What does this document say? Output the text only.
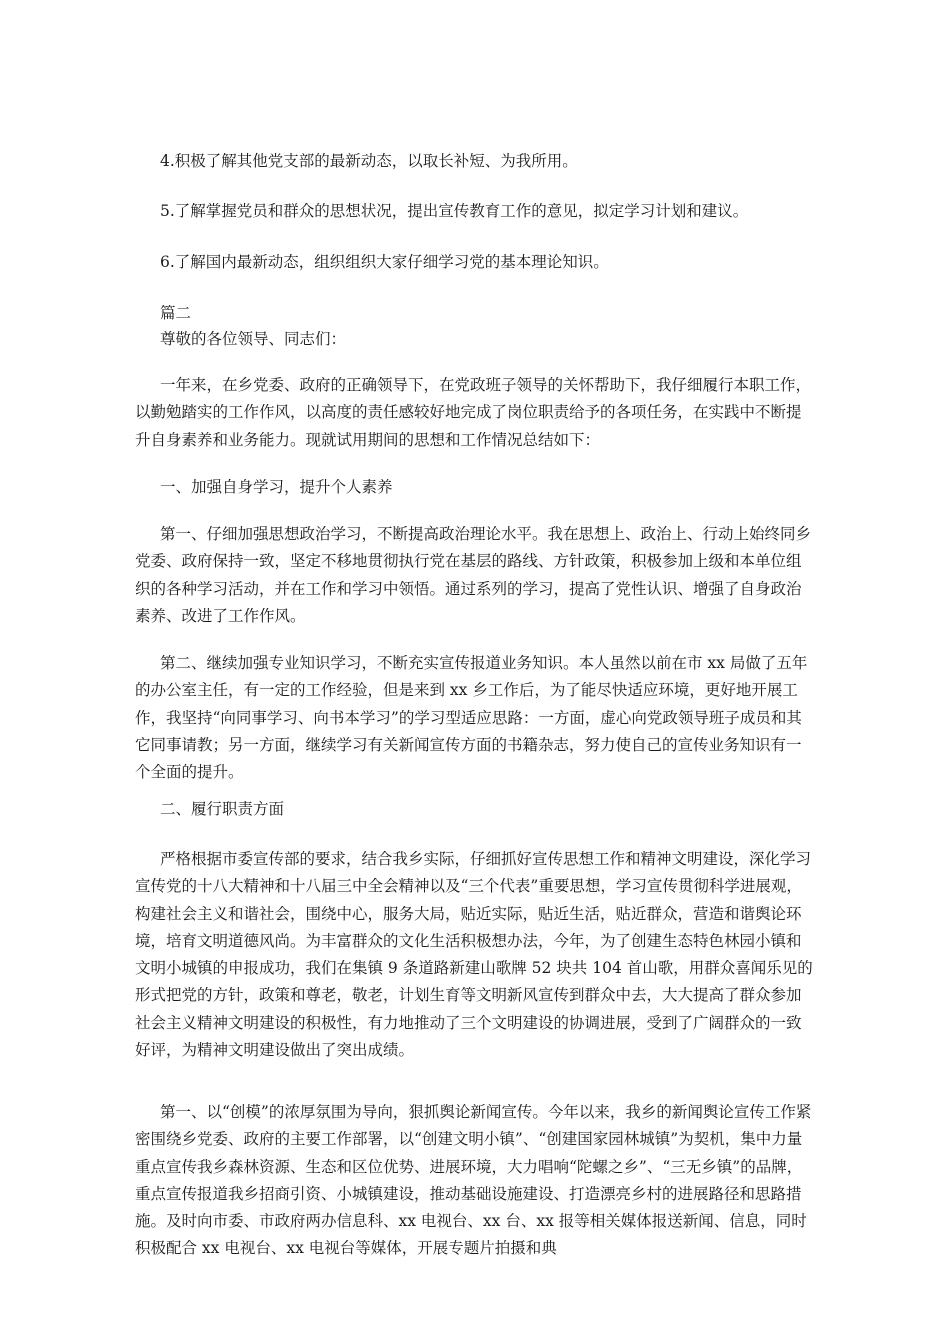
4.积极了解其他党支部的最新动态，以取长补短、为我所用。

5.了解掌握党员和群众的思想状况，提出宣传教育工作的意见，拟定学习计划和建议。

6.了解国内最新动态，组织组织大家仔细学习党的基本理论知识。

篇二

尊敬的各位领导、同志们：

一年来，在乡党委、政府的正确领导下，在党政班子领导的关怀帮助下，我仔细履行本职工作，以勤勉踏实的工作作风，以高度的责任感较好地完成了岗位职责给予的各项任务，在实践中不断提升自身素养和业务能力。现就试用期间的思想和工作情况总结如下：

一、加强自身学习，提升个人素养

第一、仔细加强思想政治学习，不断提高政治理论水平。我在思想上、政治上、行动上始终同乡党委、政府保持一致，坚定不移地贯彻执行党在基层的路线、方针政策，积极参加上级和本单位组织的各种学习活动，并在工作和学习中领悟。通过系列的学习，提高了党性认识、增强了自身政治素养、改进了工作作风。

第二、继续加强专业知识学习，不断充实宣传报道业务知识。本人虽然以前在市 xx 局做了五年的办公室主任，有一定的工作经验，但是来到 xx 乡工作后，为了能尽快适应环境，更好地开展工作，我坚持“向同事学习、向书本学习”的学习型适应思路：一方面，虚心向党政领导班子成员和其它同事请教；另一方面，继续学习有关新闻宣传方面的书籍杂志，努力使自己的宣传业务知识有一个全面的提升。

二、履行职责方面

严格根据市委宣传部的要求，结合我乡实际，仔细抓好宣传思想工作和精神文明建设，深化学习宣传党的十八大精神和十八届三中全会精神以及“三个代表”重要思想，学习宣传贯彻科学进展观，构建社会主义和谐社会，围绕中心，服务大局，贴近实际，贴近生活，贴近群众，营造和谐舆论环境，培育文明道德风尚。为丰富群众的文化生活积极想办法，今年，为了创建生态特色林园小镇和文明小城镇的申报成功，我们在集镇 9 条道路新建山歌牌 52 块共 104 首山歌，用群众喜闻乐见的形式把党的方针，政策和尊老，敬老，计划生育等文明新风宣传到群众中去，大大提高了群众参加社会主义精神文明建设的积极性，有力地推动了三个文明建设的协调进展，受到了广阔群众的一致好评，为精神文明建设做出了突出成绩。

第一、以“创模”的浓厚氛围为导向，狠抓舆论新闻宣传。今年以来，我乡的新闻舆论宣传工作紧密围绕乡党委、政府的主要工作部署，以“创建文明小镇”、“创建国家园林城镇”为契机，集中力量重点宣传我乡森林资源、生态和区位优势、进展环境，大力唱响“陀螺之乡”、“三无乡镇”的品牌，重点宣传报道我乡招商引资、小城镇建设，推动基础设施建设、打造漂亮乡村的进展路径和思路措施。及时向市委、市政府两办信息科、xx 电视台、xx 台、xx 报等相关媒体报送新闻、信息，同时积极配合 xx 电视台、xx 电视台等媒体，开展专题片拍摄和典
